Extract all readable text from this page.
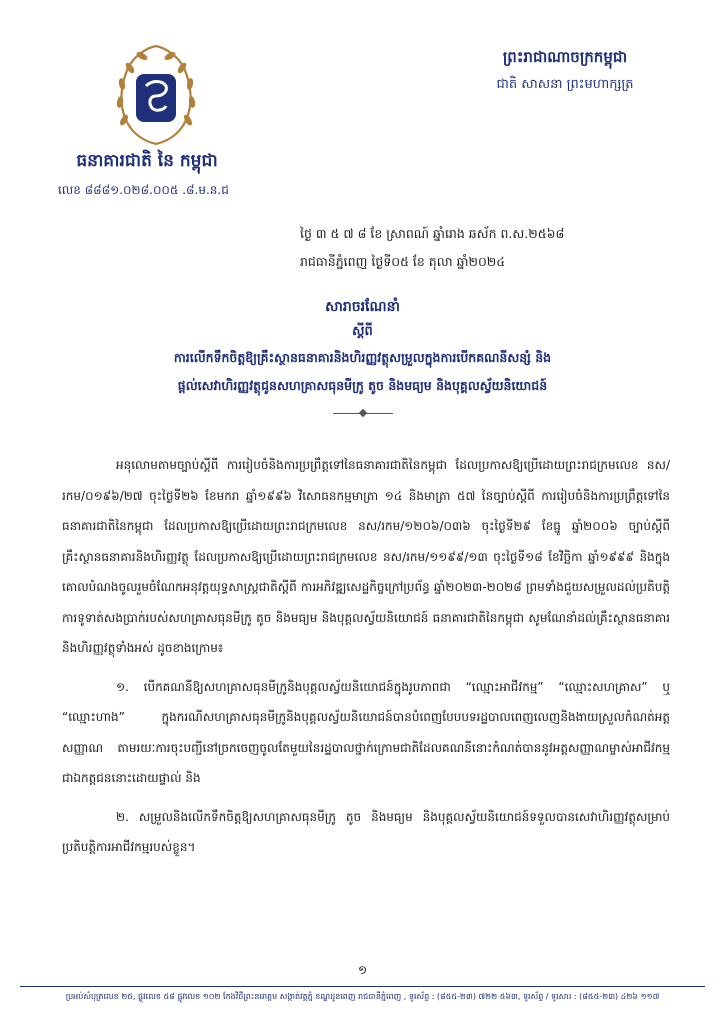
ធនាគារជាតិ នៃ កម្ពុជា
លេខ ៨៨៨១.០២៨.០០៥ .៨.ម.ន.ជ
ព្រះរាជាណាចក្រកម្ពុជា
ជាតិ សាសនា ព្រះមហាក្សត្រ
ថ្ងៃ ៣ ៥ ៧ ៨ ខែ ស្រាពណ៍ ឆ្នាំរោង ឆស័ក ព.ស.២៥៦៨
រាជធានីភ្នំពេញ ថ្ងៃទី០៥ ខែ តុលា ឆ្នាំ២០២៤
សារាចរណែនាំ
ស្ដីពី
ការលើកទឹកចិត្តឱ្យគ្រឹះស្ថានធនាគារនិងហិរញ្ញវត្ថុសម្រួលក្នុងការបើកគណនីសន្សំ និង
ផ្ដល់សេវាហិរញ្ញវត្ថុជូនសហគ្រាសធុនមីក្រូ តូច និងមធ្យម និងបុគ្គលស្វ័យនិយោជន៍

អនុលោមតាមច្បាប់ស្ដីពី ការរៀបចំនិងការប្រព្រឹត្តទៅនៃធនាគារជាតិនៃកម្ពុជា ដែលប្រកាសឱ្យប្រើដោយព្រះរាជក្រមលេខ នស/រកម/០១៩៦/២៧ ចុះថ្ងៃទី២៦ ខែមករា ឆ្នាំ១៩៩៦ វិសោធនកម្មមាត្រា ១៤ និងមាត្រា ៥៧ នៃច្បាប់ស្ដីពី ការរៀបចំនិងការប្រព្រឹត្តទៅនៃធនាគារជាតិនៃកម្ពុជា ដែលប្រកាសឱ្យប្រើដោយព្រះរាជក្រមលេខ នស/រកម/១២០៦/០៣៦ ចុះថ្ងៃទី២៩ ខែធ្នូ ឆ្នាំ២០០៦ ច្បាប់ស្ដីពី គ្រឹះស្ថានធនាគារនិងហិរញ្ញវត្ថុ ដែលប្រកាសឱ្យប្រើដោយព្រះរាជក្រមលេខ នស/រកម/១១៩៩/១៣ ចុះថ្ងៃទី១៨ ខែវិច្ឆិកា ឆ្នាំ១៩៩៩ និងក្នុងគោលបំណងចូលរួមចំណែកអនុវត្តយុទ្ធសាស្ត្រជាតិស្ដីពី ការអភិវឌ្ឍសេដ្ឋកិច្ចក្រៅប្រព័ន្ធ ឆ្នាំ២០២៣-២០២៨ ព្រមទាំងជួយសម្រួលដល់ប្រតិបត្តិការទូទាត់សងប្រាក់របស់សហគ្រាសធុនមីក្រូ តូច និងមធ្យម និងបុគ្គលស្វ័យនិយោជន៍ ធនាគារជាតិនៃកម្ពុជា សូមណែនាំដល់គ្រឹះស្ថានធនាគារនិងហិរញ្ញវត្ថុទាំងអស់ ដូចខាងក្រោម៖

១. បើកគណនីឱ្យសហគ្រាសធុនមីក្រូនិងបុគ្គលស្វ័យនិយោជន៍ក្នុងរូបភាពជា “ឈ្មោះអាជីវកម្ម” “ឈ្មោះសហគ្រាស” ឬ “ឈ្មោះហាង” ក្នុងករណីសហគ្រាសធុនមីក្រូនិងបុគ្គលស្វ័យនិយោជន៍បានបំពេញបែបបទរដ្ឋបាលពេញលេញនិងងាយស្រួលកំណត់អត្តសញ្ញាណ តាមរយៈការចុះបញ្ជីនៅច្រកចេញចូលតែមួយនៃរដ្ឋបាលថ្នាក់ក្រោមជាតិដែលគណនីនោះកំណត់បាននូវអត្តសញ្ញាណម្ចាស់អាជីវកម្មជាឯកត្តជននោះដោយផ្ទាល់ និង

២. សម្រួលនិងលើកទឹកចិត្តឱ្យសហគ្រាសធុនមីក្រូ តូច និងមធ្យម និងបុគ្គលស្វ័យនិយោជន៍ទទួលបានសេវាហិរញ្ញវត្ថុសម្រាប់ប្រតិបត្តិការអាជីវកម្មរបស់ខ្លួន។

១
ប្រអប់សំបុត្រលេខ ២៥, ផ្លូវលេខ ៥៨ ផ្លូវលេខ ១០២ កែងវិថីព្រះនរោត្តម សង្កាត់វត្តភ្នំ ខណ្ឌដូនពេញ រាជធានីភ្នំពេញ , ទូរស័ព្ទ : (៨៥៥-២៣) ៧២២ ៥៦៣, ទូរស័ព្ទ / ទូរសារ : (៨៥៥-២៣) ៤២៦ ១១៧
